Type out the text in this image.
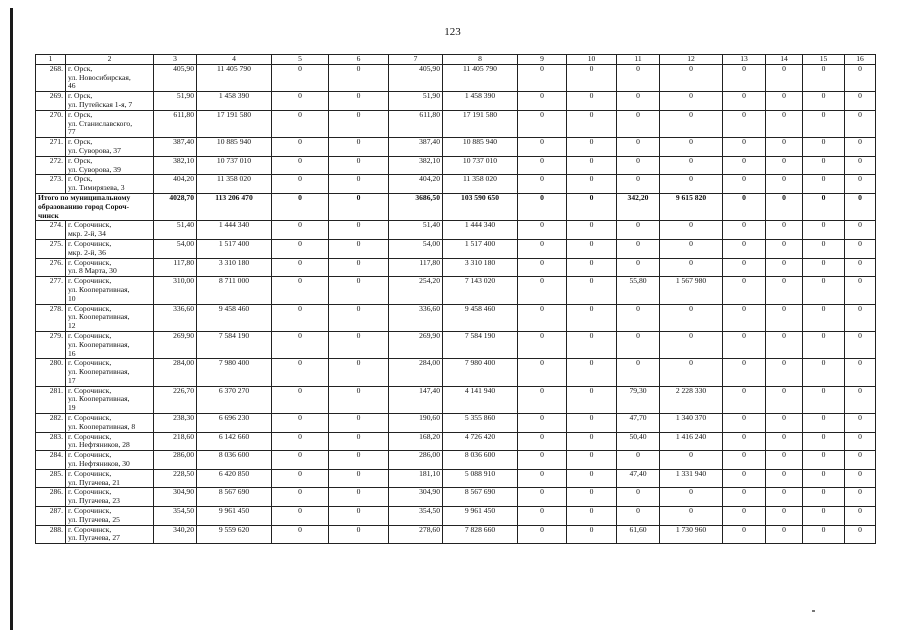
123
1	2	3	4	5	6	7	8	9	10	11	12	13	14	15	16
268.	г. Орск,
ул. Новосибирская,
46	405,90	11 405 790	0	0	405,90	11 405 790	0	0	0	0	0	0	0	0
269.	г. Орск,
ул. Путейская 1-я, 7	51,90	1 458 390	0	0	51,90	1 458 390	0	0	0	0	0	0	0	0
270.	г. Орск,
ул. Станиславского,
77	611,80	17 191 580	0	0	611,80	17 191 580	0	0	0	0	0	0	0	0
271.	г. Орск,
ул. Суворова, 37	387,40	10 885 940	0	0	387,40	10 885 940	0	0	0	0	0	0	0	0
272.	г. Орск,
ул. Суворова, 39	382,10	10 737 010	0	0	382,10	10 737 010	0	0	0	0	0	0	0	0
273.	г. Орск,
ул. Тимирязева, 3	404,20	11 358 020	0	0	404,20	11 358 020	0	0	0	0	0	0	0	0
Итого по муниципальному
образованию город Сороч-
чинск		4028,70	113 206 470	0	0	3686,50	103 590 650	0	0	342,20	9 615 820	0	0	0	0
274.	г. Сорочинск,
мкр. 2-й, 34	51,40	1 444 340	0	0	51,40	1 444 340	0	0	0	0	0	0	0	0
275.	г. Сорочинск,
мкр. 2-й, 36	54,00	1 517 400	0	0	54,00	1 517 400	0	0	0	0	0	0	0	0
276.	г. Сорочинск,
ул. 8 Марта, 30	117,80	3 310 180	0	0	117,80	3 310 180	0	0	0	0	0	0	0	0
277.	г. Сорочинск,
ул. Кооперативная,
10	310,00	8 711 000	0	0	254,20	7 143 020	0	0	55,80	1 567 980	0	0	0	0
278.	г. Сорочинск,
ул. Кооперативная,
12	336,60	9 458 460	0	0	336,60	9 458 460	0	0	0	0	0	0	0	0
279.	г. Сорочинск,
ул. Кооперативная,
16	269,90	7 584 190	0	0	269,90	7 584 190	0	0	0	0	0	0	0	0
280.	г. Сорочинск,
ул. Кооперативная,
17	284,00	7 980 400	0	0	284,00	7 980 400	0	0	0	0	0	0	0	0
281.	г. Сорочинск,
ул. Кооперативная,
19	226,70	6 370 270	0	0	147,40	4 141 940	0	0	79,30	2 228 330	0	0	0	0
282.	г. Сорочинск,
ул. Кооперативная, 8	238,30	6 696 230	0	0	190,60	5 355 860	0	0	47,70	1 340 370	0	0	0	0
283.	г. Сорочинск,
ул. Нефтяников, 28	218,60	6 142 660	0	0	168,20	4 726 420	0	0	50,40	1 416 240	0	0	0	0
284.	г. Сорочинск,
ул. Нефтяников, 30	286,00	8 036 600	0	0	286,00	8 036 600	0	0	0	0	0	0	0	0
285.	г. Сорочинск,
ул. Пугачева, 21	228,50	6 420 850	0	0	181,10	5 088 910	0	0	47,40	1 331 940	0	0	0	0
286.	г. Сорочинск,
ул. Пугачева, 23	304,90	8 567 690	0	0	304,90	8 567 690	0	0	0	0	0	0	0	0
287.	г. Сорочинск,
ул. Пугачева, 25	354,50	9 961 450	0	0	354,50	9 961 450	0	0	0	0	0	0	0	0
288.	г. Сорочинск,
ул. Пугачева, 27	340,20	9 559 620	0	0	278,60	7 828 660	0	0	61,60	1 730 960	0	0	0	0
